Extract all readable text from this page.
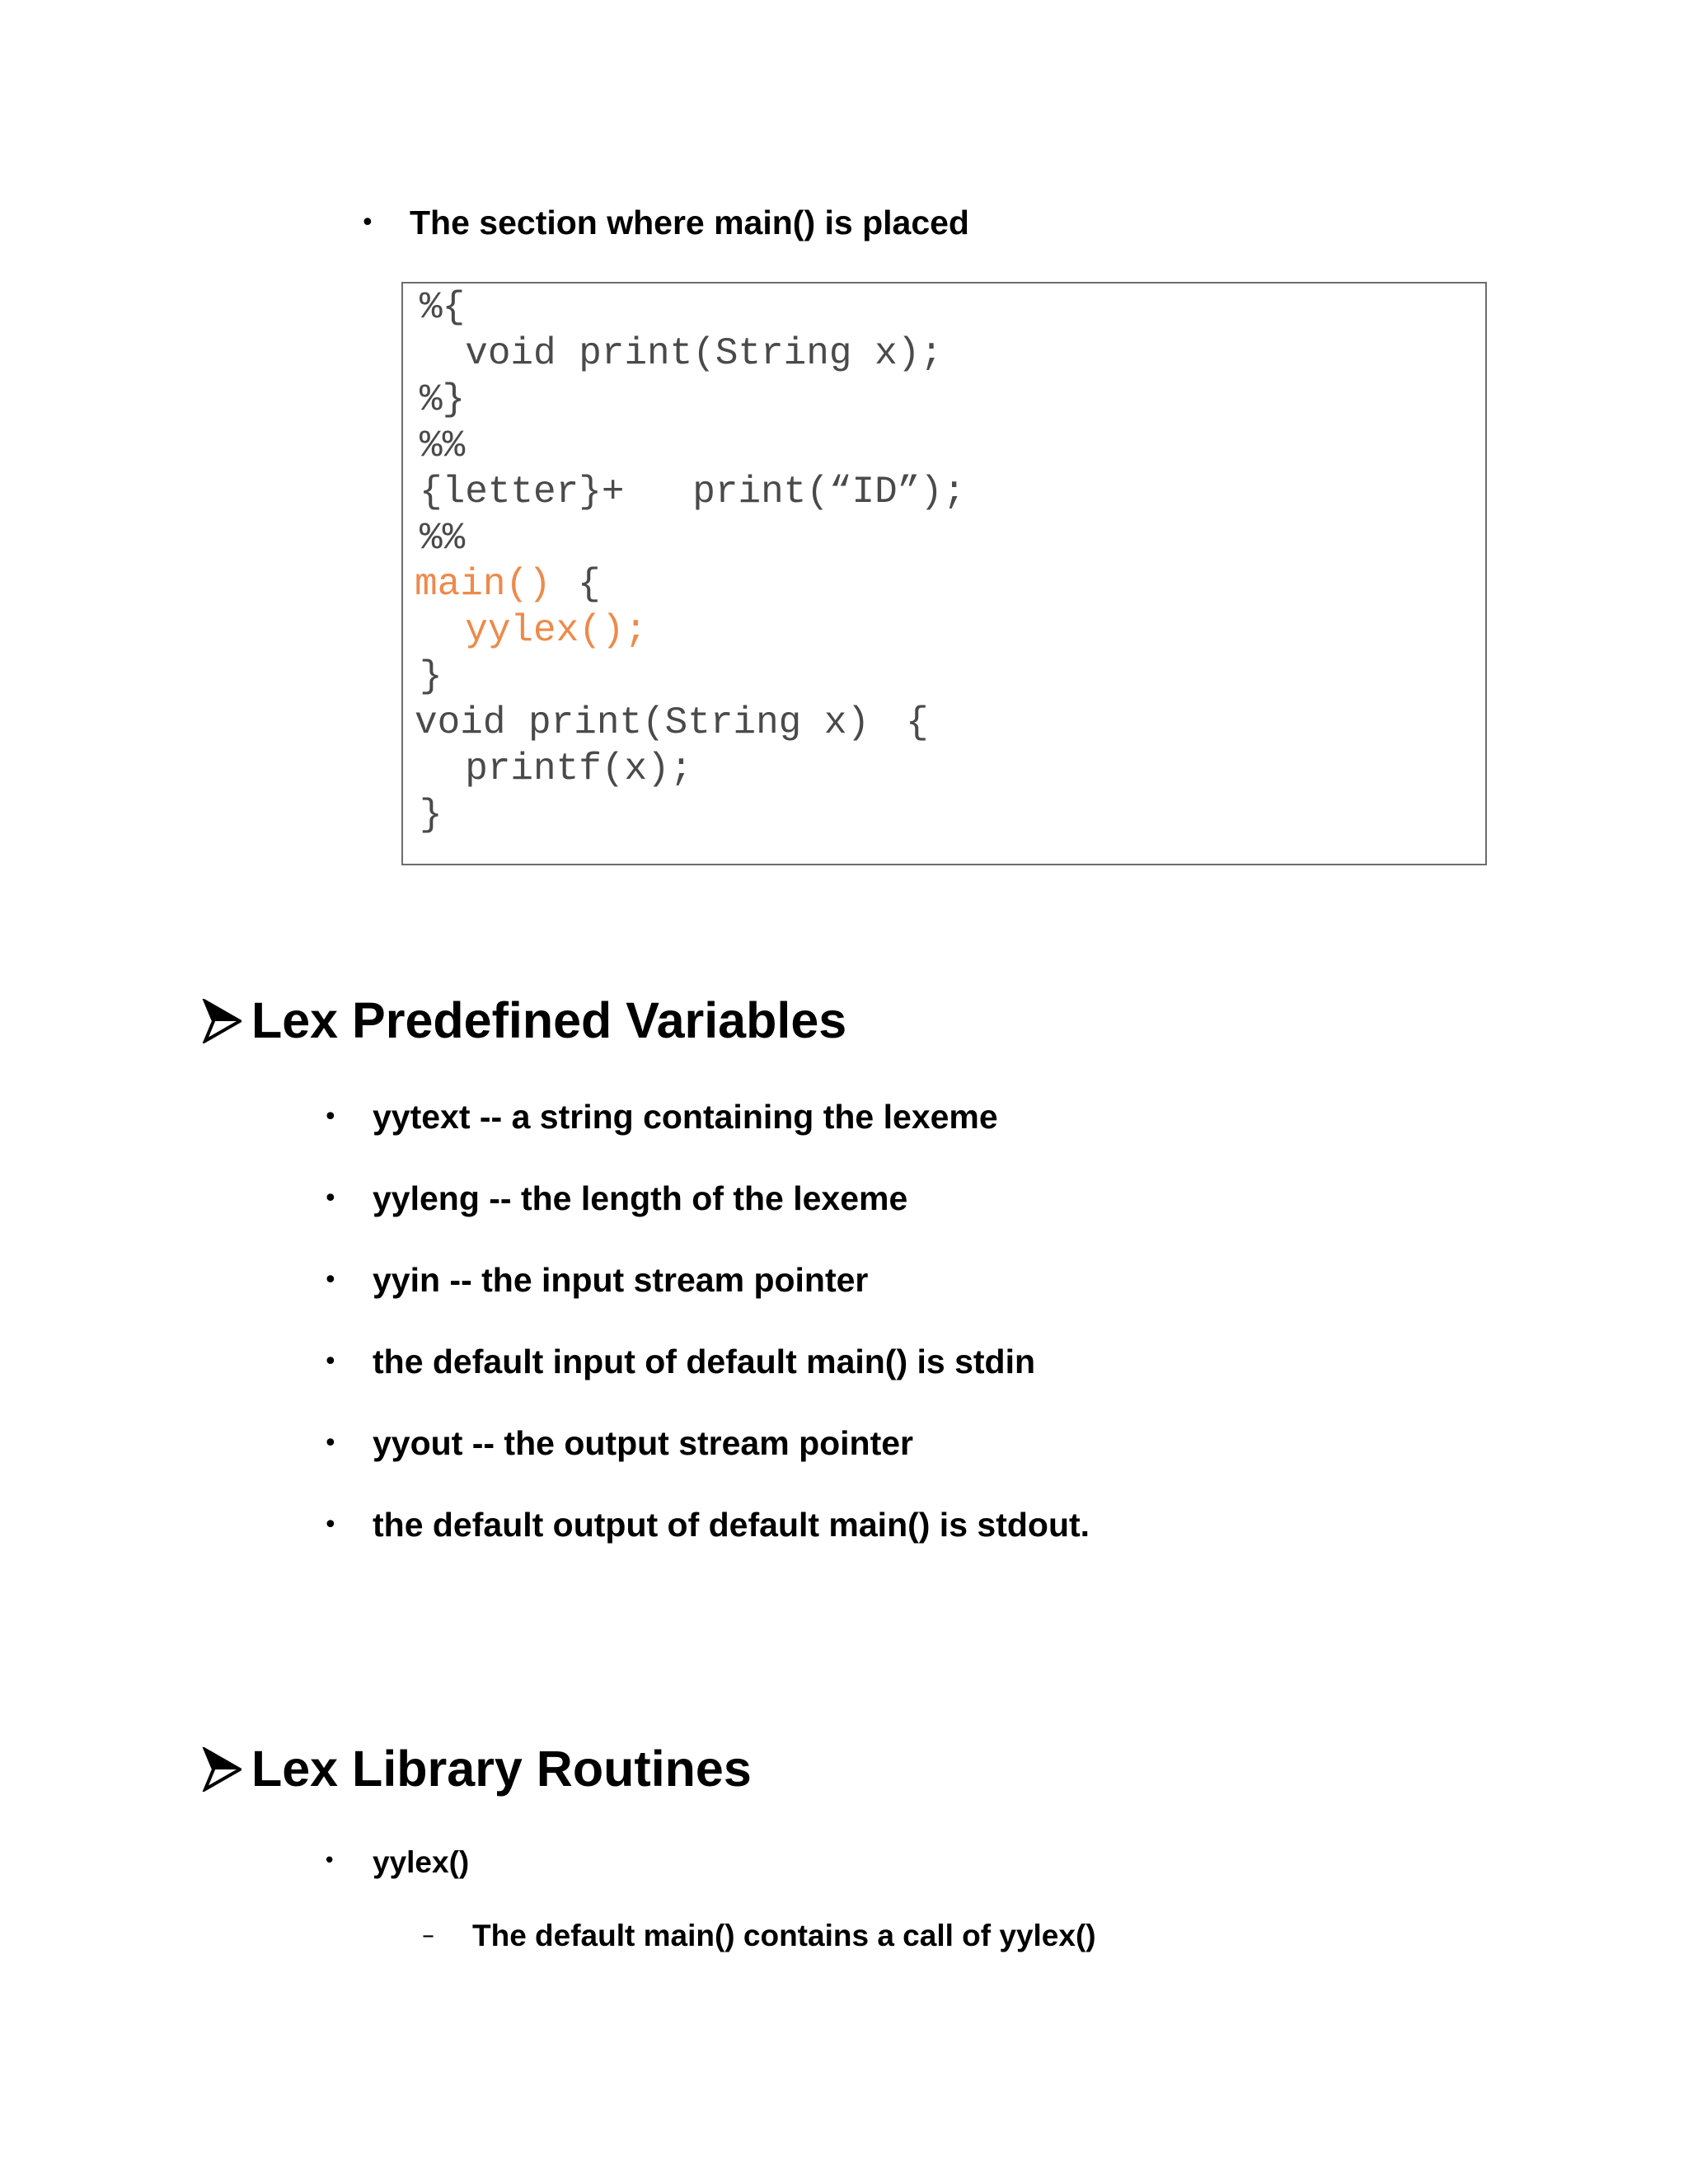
• The section where main() is placed
%{
void print(String x);
%}
%%
{letter}+   print(“ID”);
%%
main() {
yylex();
}
void print(String x) {
printf(x);
}
Lex Predefined Variables
• yytext -- a string containing the lexeme
• yyleng -- the length of the lexeme
• yyin -- the input stream pointer
• the default input of default main() is stdin
• yyout -- the output stream pointer
• the default output of default main() is stdout.
Lex Library Routines
• yylex()
– The default main() contains a call of yylex()
